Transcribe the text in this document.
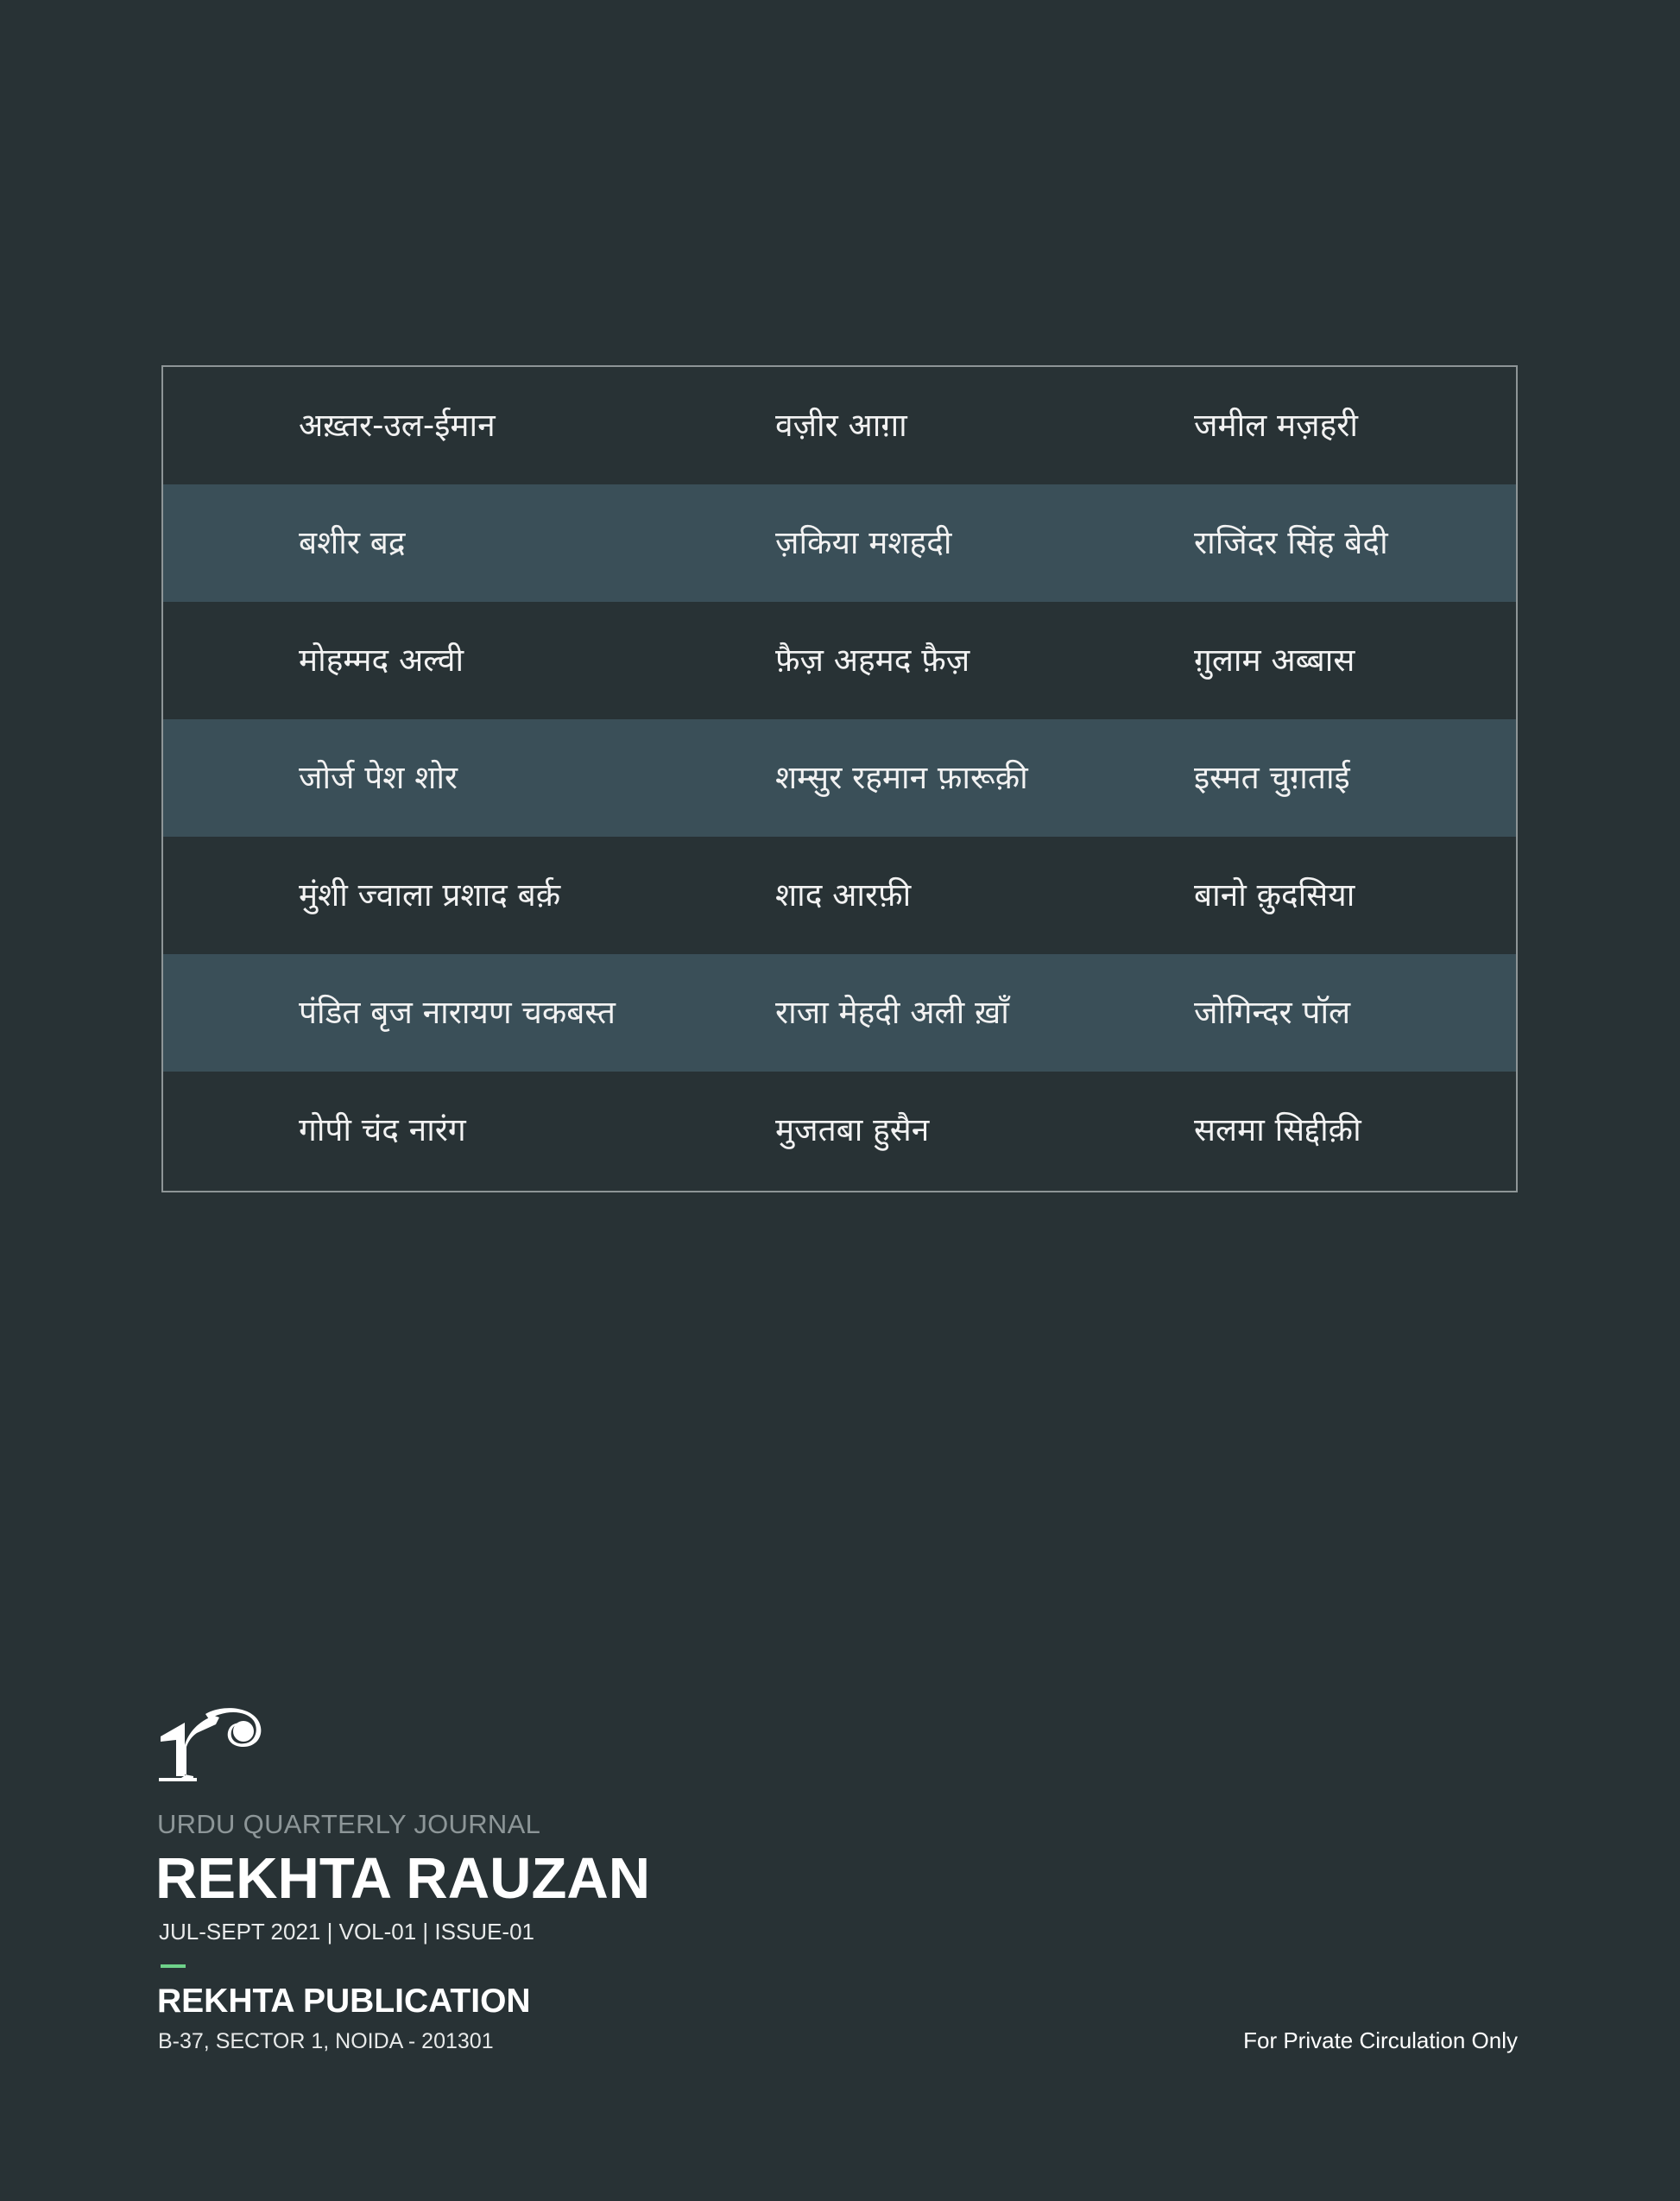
अख़्तर-उल-ईमान	वज़ीर आग़ा	जमील मज़हरी
बशीर बद्र	ज़किया मशहदी	राजिंदर सिंह बेदी
मोहम्मद अल्वी	फ़ैज़ अहमद फ़ैज़	ग़ुलाम अब्बास
जोर्ज पेश शोर	शम्सुर रहमान फ़ारूक़ी	इस्मत चुग़ताई
मुंशी ज्वाला प्रशाद बर्क़	शाद आरफ़ी	बानो क़ुदसिया
पंडित बृज नारायण चकबस्त	राजा मेहदी अली ख़ाँ	जोगिन्दर पॉल
गोपी चंद नारंग	मुजतबा हुसैन	सलमा सिद्दीक़ी
URDU QUARTERLY JOURNAL
REKHTA RAUZAN
JUL-SEPT 2021 | VOL-01 | ISSUE-01
REKHTA PUBLICATION
B-37, SECTOR 1, NOIDA - 201301	For Private Circulation Only
